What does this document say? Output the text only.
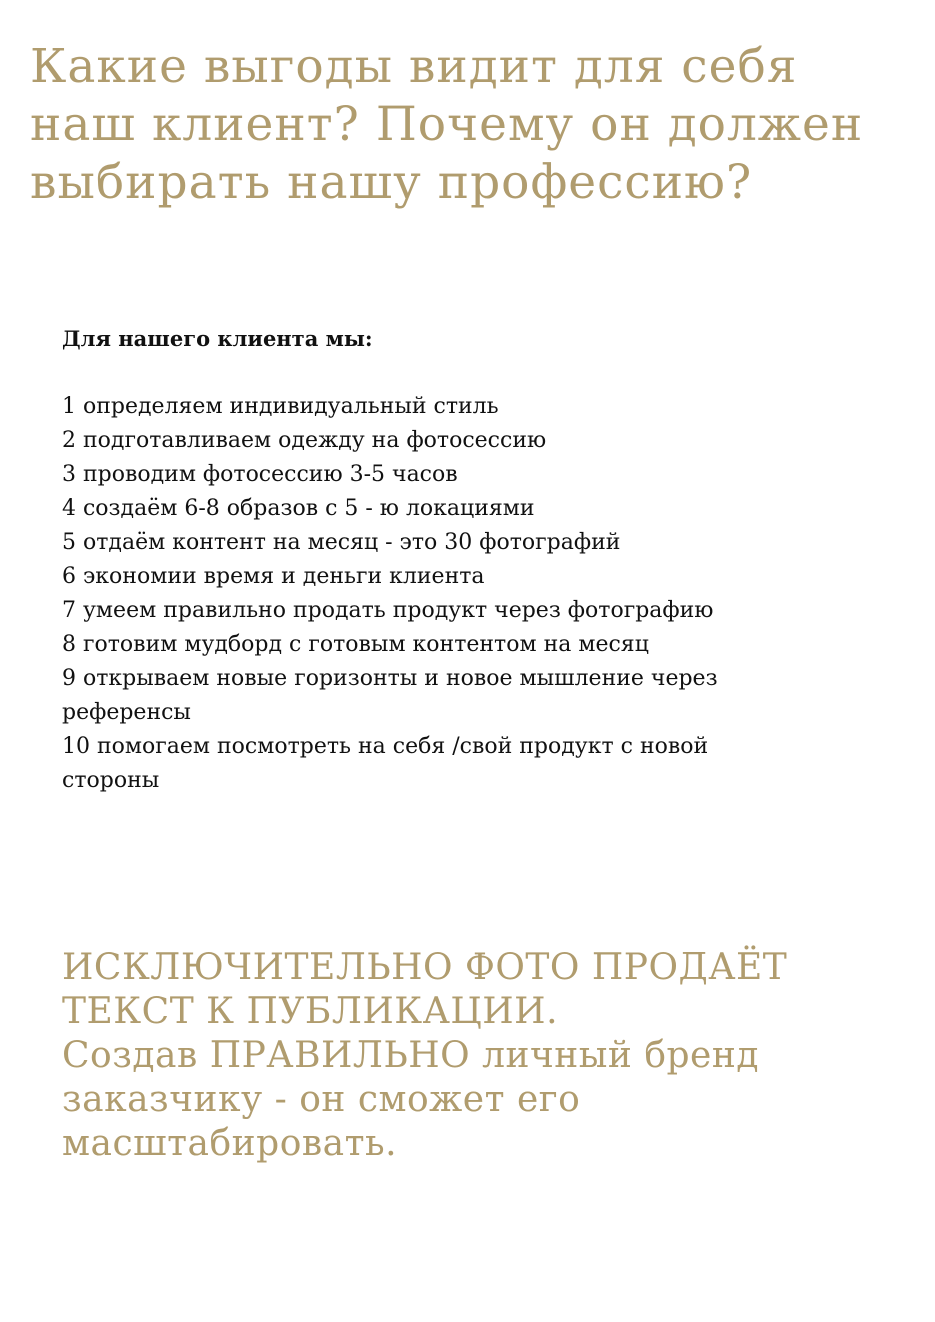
Какие выгоды видит для себя наш клиент? Почему он должен выбирать нашу профессию?

Для нашего клиента мы:

1 определяем индивидуальный стиль
2 подготавливаем одежду на фотосессию
3 проводим фотосессию 3-5 часов
4 создаём 6-8 образов с 5 - ю локациями
5 отдаём контент на месяц - это 30 фотографий
6 экономии время и деньги клиента
7 умеем правильно продать продукт через фотографию
8 готовим мудборд с готовым контентом на месяц
9 открываем новые горизонты и новое мышление через референсы
10 помогаем посмотреть на себя /свой продукт с новой стороны

ИСКЛЮЧИТЕЛЬНО ФОТО ПРОДАЁТ ТЕКСТ К ПУБЛИКАЦИИ.

Создав ПРАВИЛЬНО личный бренд заказчику - он сможет его масштабировать.
